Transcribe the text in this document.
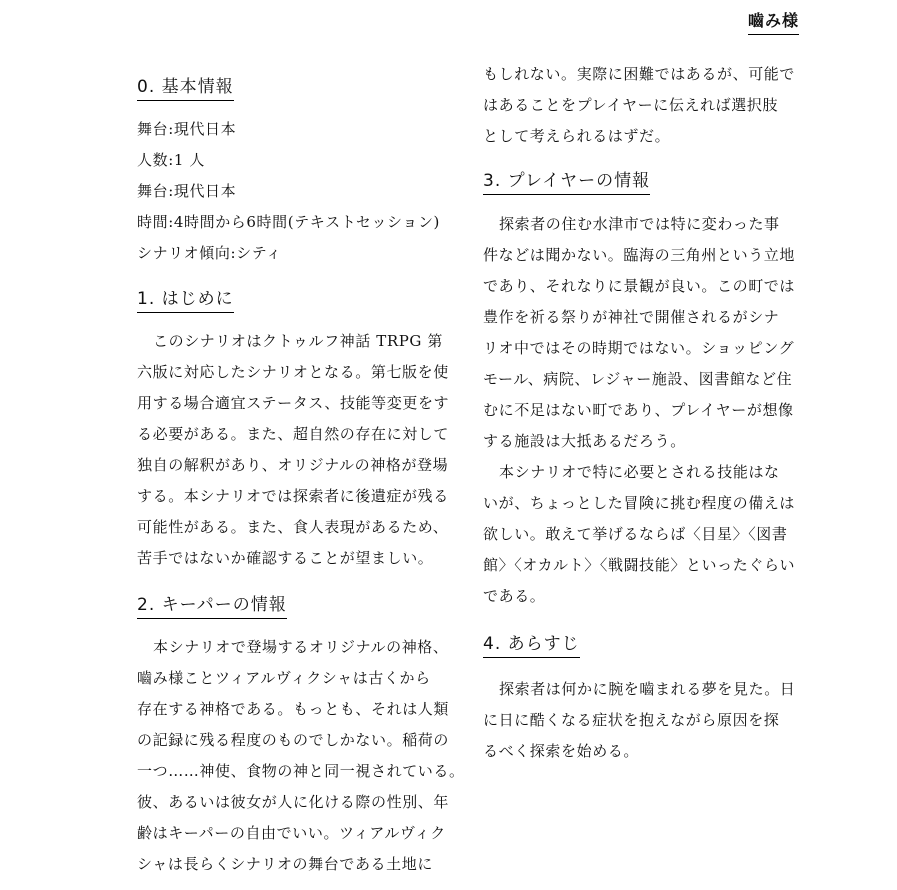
嚙み様
0. 基本情報
舞台:現代日本
人数:1 人
舞台:現代日本
時間:4時間から6時間(テキストセッション)
シナリオ傾向:シティ
1. はじめに
このシナリオはクトゥルフ神話 TRPG 第
六版に対応したシナリオとなる。第七版を使
用する場合適宜ステータス、技能等変更をす
る必要がある。また、超自然の存在に対して
独自の解釈があり、オリジナルの神格が登場
する。本シナリオでは探索者に後遺症が残る
可能性がある。また、食人表現があるため、
苦手ではないか確認することが望ましい。
2. キーパーの情報
本シナリオで登場するオリジナルの神格、
嚙み様ことツィアルヴィクシャは古くから
存在する神格である。もっとも、それは人類
の記録に残る程度のものでしかない。稲荷の
一つ……神使、食物の神と同一視されている。
彼、あるいは彼女が人に化ける際の性別、年
齢はキーパーの自由でいい。ツィアルヴィク
シャは長らくシナリオの舞台である土地に
もしれない。実際に困難ではあるが、可能で
はあることをプレイヤーに伝えれば選択肢
として考えられるはずだ。
3. プレイヤーの情報
探索者の住む水津市では特に変わった事
件などは聞かない。臨海の三角州という立地
であり、それなりに景観が良い。この町では
豊作を祈る祭りが神社で開催されるがシナ
リオ中ではその時期ではない。ショッピング
モール、病院、レジャー施設、図書館など住
むに不足はない町であり、プレイヤーが想像
する施設は大抵あるだろう。
本シナリオで特に必要とされる技能はな
いが、ちょっとした冒険に挑む程度の備えは
欲しい。敢えて挙げるならば〈目星〉〈図書
館〉〈オカルト〉〈戦闘技能〉といったぐらい
である。
4. あらすじ
探索者は何かに腕を嚙まれる夢を見た。日
に日に酷くなる症状を抱えながら原因を探
るべく探索を始める。
